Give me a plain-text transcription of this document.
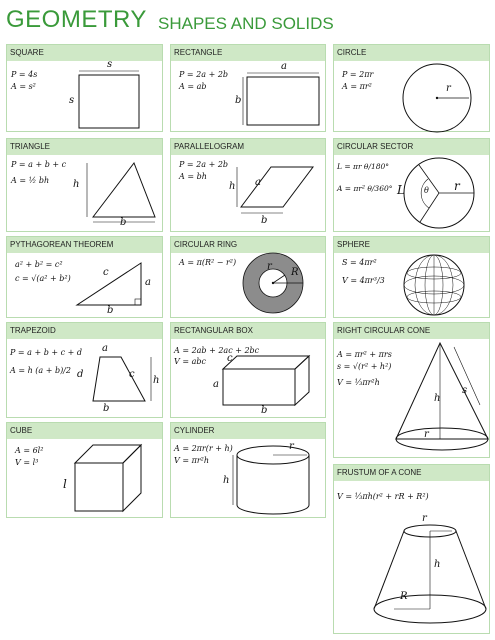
GEOMETRY SHAPES AND SOLIDS
SQUARE
P = 4s
A = s²
s
s
RECTANGLE
P = 2a + 2b
A = ab
a
b
CIRCLE
P = 2πr
A = πr²	r
TRIANGLE
P = a + b + c
A = ½ bh h
b
PARALLELOGRAM
P = 2a + 2b
A = bh
h a
b
CIRCULAR SECTOR
L = πr θ/180°
A = πr² θ/360° L θ r
PYTHAGOREAN THEOREM
a² + b² = c²
c = √(a² + b²)
c
a
b
CIRCULAR RING
A = π(R² − r²)	r
R
SPHERE
S = 4πr²
V = 4πr³/3
TRAPEZOID
P = a + b + c + d
A = h (a + b)/2
a
d	c
h
b
RECTANGULAR BOX
A = 2ab + 2ac + 2bc
V = abc c
a
b
RIGHT CIRCULAR CONE
A = πr² + πrs
s = √(r² + h²)
V = ⅓πr²h
h
s
r
CUBE
A = 6l²
V = l³
l
CYLINDER
A = 2πr(r + h)
V = πr²h
r
h
FRUSTUM OF A CONE
V = ⅓πh(r² + rR + R²)
r
h
R
